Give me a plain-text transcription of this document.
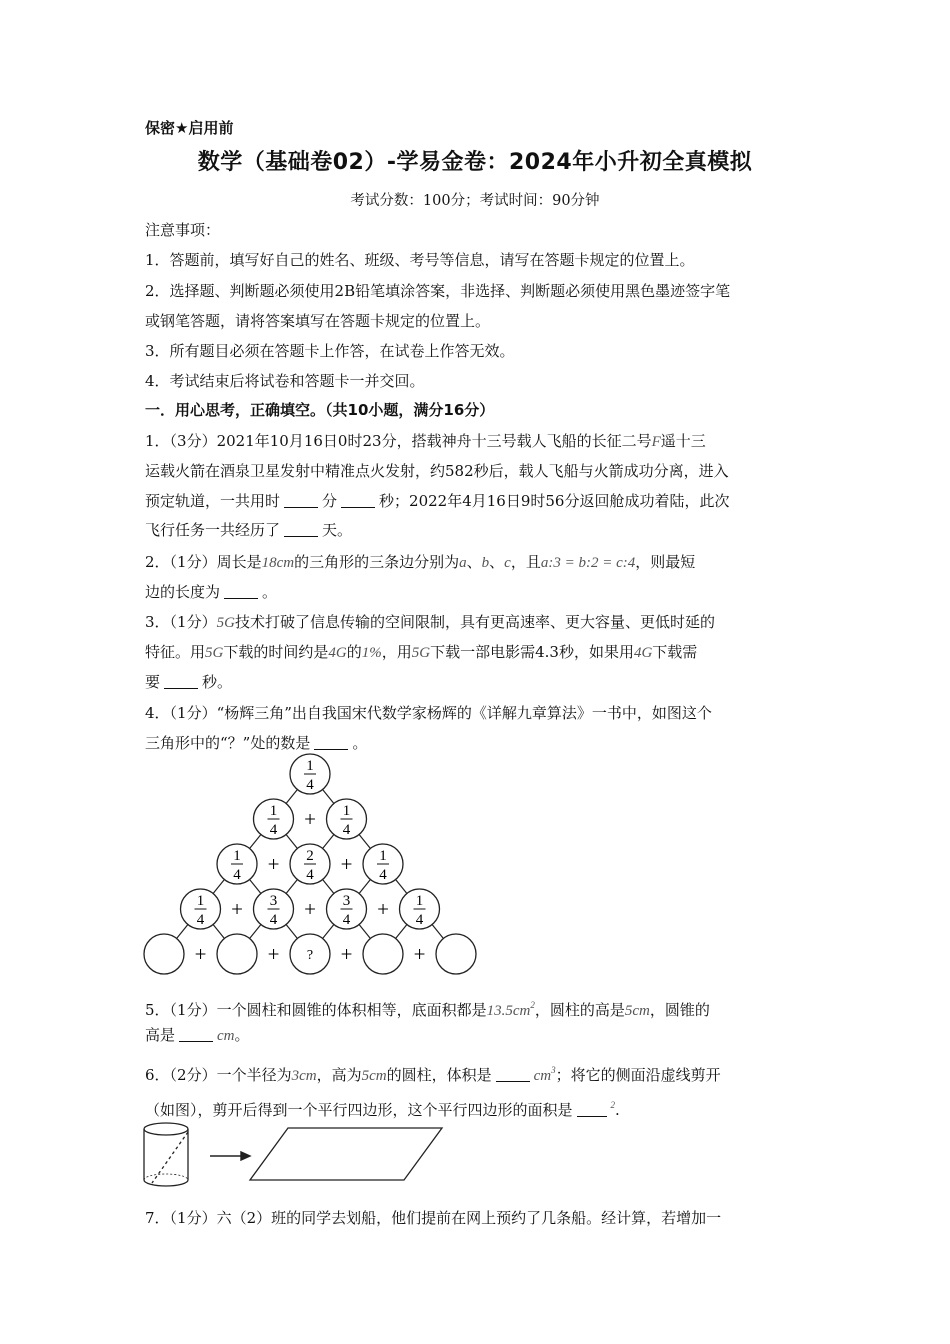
保密★启用前
数学（基础卷02）-学易金卷：2024年小升初全真模拟
考试分数：100分；考试时间：90分钟
注意事项：
1．答题前，填写好自己的姓名、班级、考号等信息，请写在答题卡规定的位置上。
2．选择题、判断题必须使用2B铅笔填涂答案，非选择、判断题必须使用黑色墨迹签字笔
或钢笔答题，请将答案填写在答题卡规定的位置上。
3．所有题目必须在答题卡上作答，在试卷上作答无效。
4．考试结束后将试卷和答题卡一并交回。
一．用心思考，正确填空。（共10小题，满分16分）
1．（3分）2021年10月16日0时23分，搭载神舟十三号载人飞船的长征二号F遥十三
运载火箭在酒泉卫星发射中精准点火发射，约582秒后，载人飞船与火箭成功分离，进入
预定轨道，一共用时	分	秒；2022年4月16日9时56分返回舱成功着陆，此次
飞行任务一共经历了	天。
2．（1分）周长是18cm的三角形的三条边分别为a、b、c，且a:3 = b:2 = c:4，则最短
边的长度为	。
3．（1分）5G技术打破了信息传输的空间限制，具有更高速率、更大容量、更低时延的
特征。用5G下载的时间约是4G的1%，用5G下载一部电影需4.3秒，如果用4G下载需
要	秒。
4．（1分）“杨辉三角”出自我国宋代数学家杨辉的《详解九章算法》一书中，如图这个
三角形中的“？”处的数是	。
1
4
1
4 + 1
4
1
4 + 2
4 + 1
4
1
4 + 3
4 + 3
4 + 1
4
+	+ ? +	+
5．（1分）一个圆柱和圆锥的体积相等，底面积都是$13.5cm^2$，圆柱的高是5cm，圆锥的
高是	cm。
6．（2分）一个半径为3cm，高为5cm的圆柱，体积是	$cm^3$；将它的侧面沿虚线剪开
（如图），剪开后得到一个平行四边形，这个平行四边形的面积是	$^2$.
7．（1分）六（2）班的同学去划船，他们提前在网上预约了几条船。经计算，若增加一
